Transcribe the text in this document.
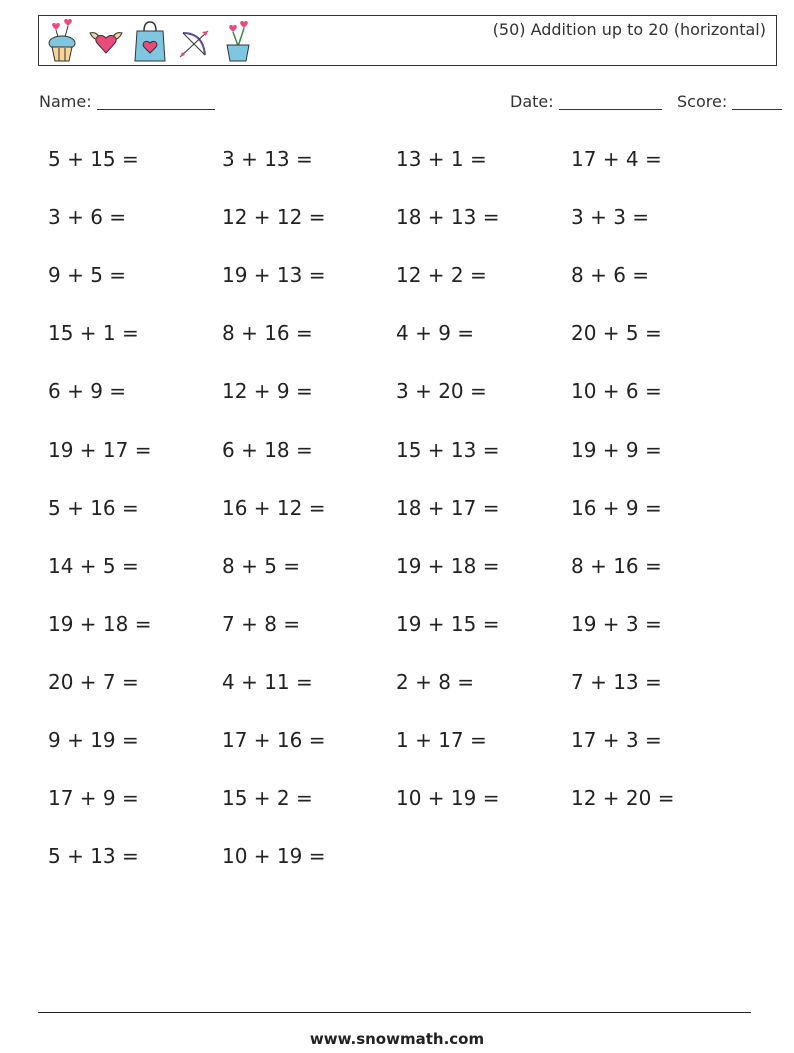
(50) Addition up to 20 (horizontal)
Name:	Date:	Score:
5 + 15 =	3 + 13 =	13 + 1 =	17 + 4 =
3 + 6 =	12 + 12 =	18 + 13 =	3 + 3 =
9 + 5 =	19 + 13 =	12 + 2 =	8 + 6 =
15 + 1 =	8 + 16 =	4 + 9 =	20 + 5 =
6 + 9 =	12 + 9 =	3 + 20 =	10 + 6 =
19 + 17 =	6 + 18 =	15 + 13 =	19 + 9 =
5 + 16 =	16 + 12 =	18 + 17 =	16 + 9 =
14 + 5 =	8 + 5 =	19 + 18 =	8 + 16 =
19 + 18 =	7 + 8 =	19 + 15 =	19 + 3 =
20 + 7 =	4 + 11 =	2 + 8 =	7 + 13 =
9 + 19 =	17 + 16 =	1 + 17 =	17 + 3 =
17 + 9 =	15 + 2 =	10 + 19 =	12 + 20 =
5 + 13 =	10 + 19 =
www.snowmath.com
